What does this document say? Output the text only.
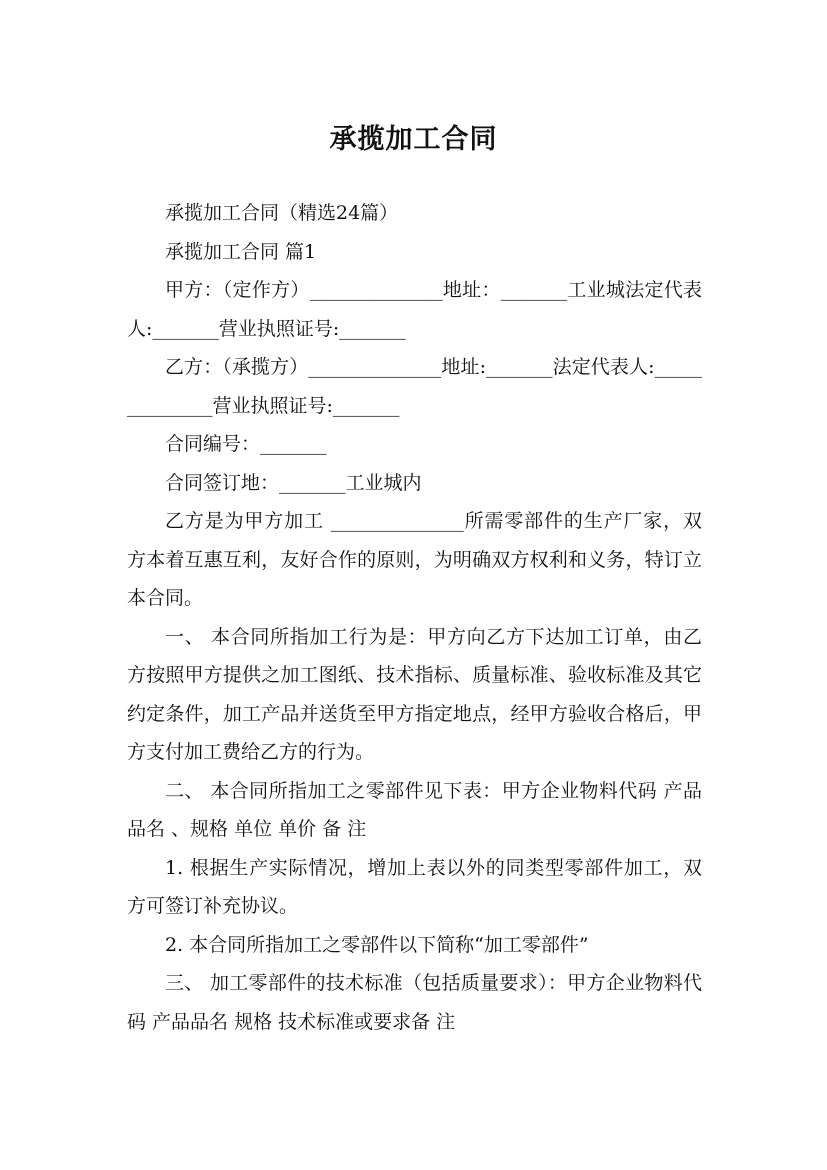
承揽加工合同

承揽加工合同（精选24篇）

承揽加工合同 篇1

甲方：（定作方）______________地址：_______工业城法定代表人:_______营业执照证号:_______

乙方：（承揽方）______________地址:_______法定代表人:______________营业执照证号:_______

合同编号：_______

合同签订地：_______工业城内

乙方是为甲方加工 ______________所需零部件的生产厂家，双方本着互惠互利，友好合作的原则，为明确双方权利和义务，特订立本合同。

一、 本合同所指加工行为是：甲方向乙方下达加工订单，由乙方按照甲方提供之加工图纸、技术指标、质量标准、验收标准及其它约定条件，加工产品并送货至甲方指定地点，经甲方验收合格后，甲方支付加工费给乙方的行为。

二、 本合同所指加工之零部件见下表：甲方企业物料代码 产品品名 、规格 单位 单价 备 注

1. 根据生产实际情况，增加上表以外的同类型零部件加工，双方可签订补充协议。

2. 本合同所指加工之零部件以下简称“加工零部件”

三、 加工零部件的技术标准（包括质量要求）：甲方企业物料代码 产品品名 规格 技术标准或要求备 注
